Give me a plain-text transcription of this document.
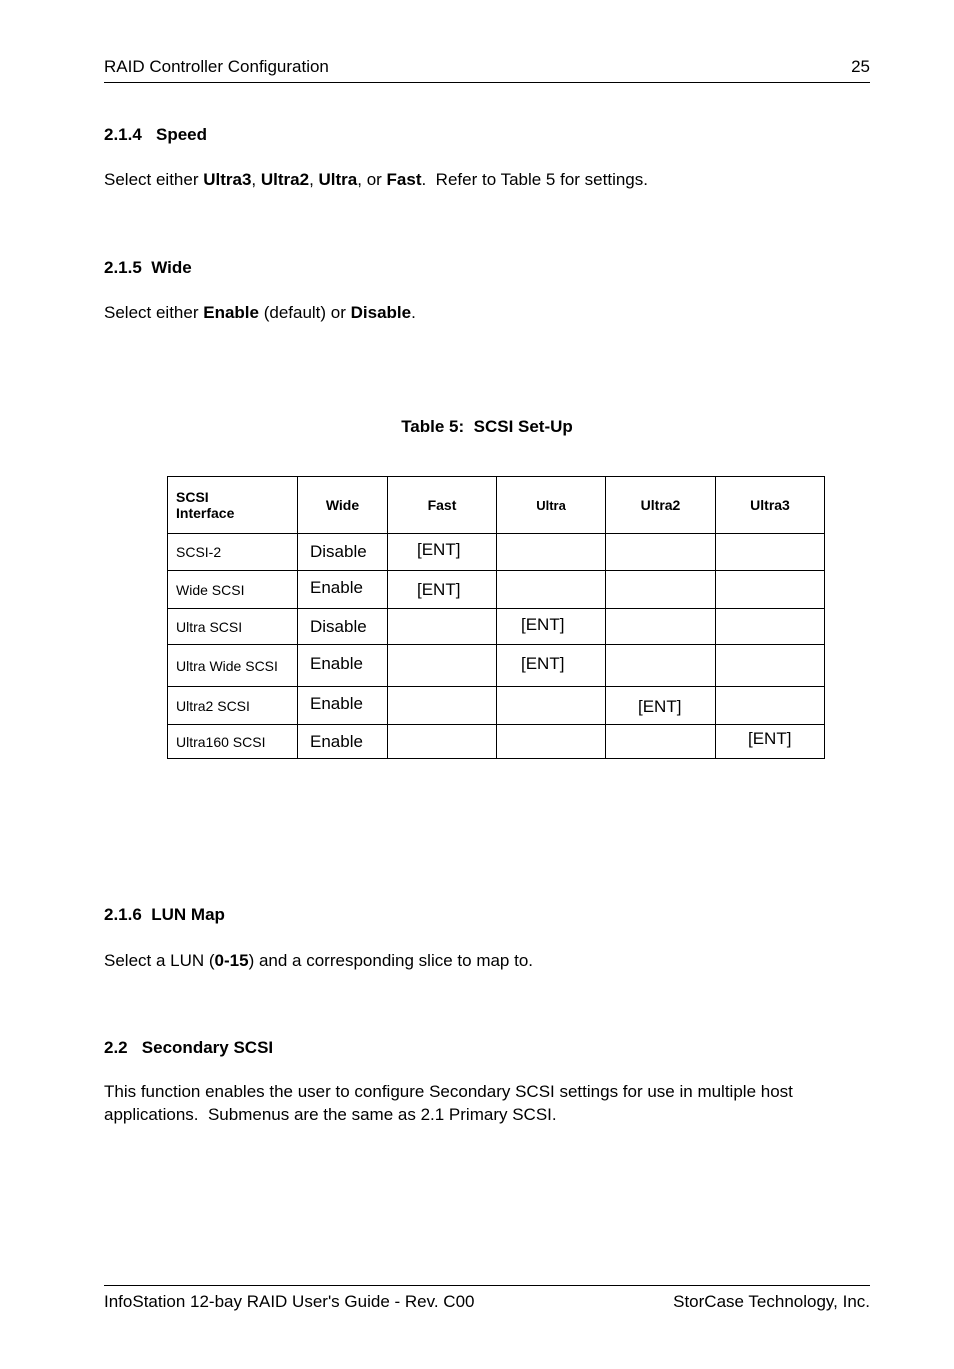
RAID Controller Configuration	25
2.1.4   Speed
Select either Ultra3, Ultra2, Ultra, or Fast.  Refer to Table 5 for settings.
2.1.5  Wide
Select either Enable (default) or Disable.
Table 5:  SCSI Set-Up
SCSI
Interface	Wide	Fast	Ultra	Ultra2	Ultra3
SCSI-2	Disable	[ENT]			
Wide SCSI	Enable	[ENT]			
Ultra SCSI	Disable		[ENT]		
Ultra Wide SCSI	Enable		[ENT]		
Ultra2 SCSI	Enable			[ENT]	
Ultra160 SCSI	Enable				[ENT]
2.1.6  LUN Map
Select a LUN (0-15) and a corresponding slice to map to.
2.2   Secondary SCSI
This function enables the user to configure Secondary SCSI settings for use in multiple host
applications.  Submenus are the same as 2.1 Primary SCSI.
InfoStation 12-bay RAID User's Guide - Rev. C00	StorCase Technology, Inc.
